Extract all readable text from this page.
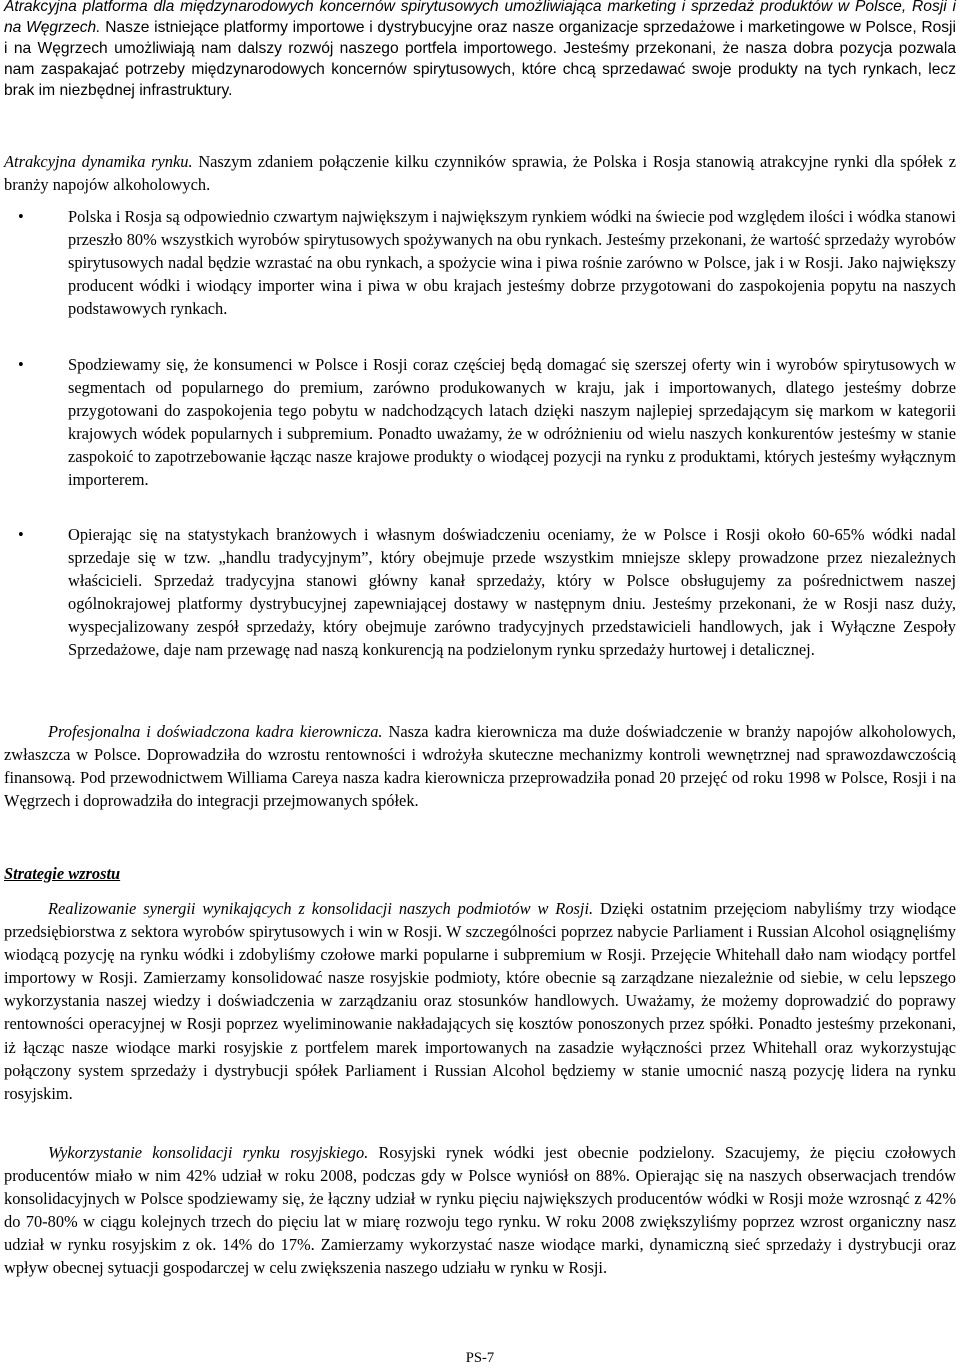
Atrakcyjna platforma dla międzynarodowych koncernów spirytusowych umożliwiająca marketing i sprzedaż produktów w Polsce, Rosji i na Węgrzech. Nasze istniejące platformy importowe i dystrybucyjne oraz nasze organizacje sprzedażowe i marketingowe w Polsce, Rosji i na Węgrzech umożliwiają nam dalszy rozwój naszego portfela importowego. Jesteśmy przekonani, że nasza dobra pozycja pozwala nam zaspakajać potrzeby międzynarodowych koncernów spirytusowych, które chcą sprzedawać swoje produkty na tych rynkach, lecz brak im niezbędnej infrastruktury.

Atrakcyjna dynamika rynku. Naszym zdaniem połączenie kilku czynników sprawia, że Polska i Rosja stanowią atrakcyjne rynki dla spółek z branży napojów alkoholowych.

•	Polska i Rosja są odpowiednio czwartym największym i największym rynkiem wódki na świecie pod względem ilości i wódka stanowi przeszło 80% wszystkich wyrobów spirytusowych spożywanych na obu rynkach. Jesteśmy przekonani, że wartość sprzedaży wyrobów spirytusowych nadal będzie wzrastać na obu rynkach, a spożycie wina i piwa rośnie zarówno w Polsce, jak i w Rosji. Jako największy producent wódki i wiodący importer wina i piwa w obu krajach jesteśmy dobrze przygotowani do zaspokojenia popytu na naszych podstawowych rynkach.

•	Spodziewamy się, że konsumenci w Polsce i Rosji coraz częściej będą domagać się szerszej oferty win i wyrobów spirytusowych w segmentach od popularnego do premium, zarówno produkowanych w kraju, jak i importowanych, dlatego jesteśmy dobrze przygotowani do zaspokojenia tego pobytu w nadchodzących latach dzięki naszym najlepiej sprzedającym się markom w kategorii krajowych wódek popularnych i subpremium. Ponadto uważamy, że w odróżnieniu od wielu naszych konkurentów jesteśmy w stanie zaspokoić to zapotrzebowanie łącząc nasze krajowe produkty o wiodącej pozycji na rynku z produktami, których jesteśmy wyłącznym importerem.

•	Opierając się na statystykach branżowych i własnym doświadczeniu oceniamy, że w Polsce i Rosji około 60-65% wódki nadal sprzedaje się w tzw. „handlu tradycyjnym”, który obejmuje przede wszystkim mniejsze sklepy prowadzone przez niezależnych właścicieli. Sprzedaż tradycyjna stanowi główny kanał sprzedaży, który w Polsce obsługujemy za pośrednictwem naszej ogólnokrajowej platformy dystrybucyjnej zapewniającej dostawy w następnym dniu. Jesteśmy przekonani, że w Rosji nasz duży, wyspecjalizowany zespół sprzedaży, który obejmuje zarówno tradycyjnych przedstawicieli handlowych, jak i Wyłączne Zespoły Sprzedażowe, daje nam przewagę nad naszą konkurencją na podzielonym rynku sprzedaży hurtowej i detalicznej.

Profesjonalna i doświadczona kadra kierownicza. Nasza kadra kierownicza ma duże doświadczenie w branży napojów alkoholowych, zwłaszcza w Polsce. Doprowadziła do wzrostu rentowności i wdrożyła skuteczne mechanizmy kontroli wewnętrznej nad sprawozdawczością finansową. Pod przewodnictwem Williama Careya nasza kadra kierownicza przeprowadziła ponad 20 przejęć od roku 1998 w Polsce, Rosji i na Węgrzech i doprowadziła do integracji przejmowanych spółek.

Strategie wzrostu

Realizowanie synergii wynikających z konsolidacji naszych podmiotów w Rosji. Dzięki ostatnim przejęciom nabyliśmy trzy wiodące przedsiębiorstwa z sektora wyrobów spirytusowych i win w Rosji. W szczególności poprzez nabycie Parliament i Russian Alcohol osiągnęliśmy wiodącą pozycję na rynku wódki i zdobyliśmy czołowe marki popularne i subpremium w Rosji. Przejęcie Whitehall dało nam wiodący portfel importowy w Rosji. Zamierzamy konsolidować nasze rosyjskie podmioty, które obecnie są zarządzane niezależnie od siebie, w celu lepszego wykorzystania naszej wiedzy i doświadczenia w zarządzaniu oraz stosunków handlowych. Uważamy, że możemy doprowadzić do poprawy rentowności operacyjnej w Rosji poprzez wyeliminowanie nakładających się kosztów ponoszonych przez spółki. Ponadto jesteśmy przekonani, iż łącząc nasze wiodące marki rosyjskie z portfelem marek importowanych na zasadzie wyłączności przez Whitehall oraz wykorzystując połączony system sprzedaży i dystrybucji spółek Parliament i Russian Alcohol będziemy w stanie umocnić naszą pozycję lidera na rynku rosyjskim.

Wykorzystanie konsolidacji rynku rosyjskiego. Rosyjski rynek wódki jest obecnie podzielony. Szacujemy, że pięciu czołowych producentów miało w nim 42% udział w roku 2008, podczas gdy w Polsce wyniósł on 88%. Opierając się na naszych obserwacjach trendów konsolidacyjnych w Polsce spodziewamy się, że łączny udział w rynku pięciu największych producentów wódki w Rosji może wzrosnąć z 42% do 70-80% w ciągu kolejnych trzech do pięciu lat w miarę rozwoju tego rynku. W roku 2008 zwiększyliśmy poprzez wzrost organiczny nasz udział w rynku rosyjskim z ok. 14% do 17%. Zamierzamy wykorzystać nasze wiodące marki, dynamiczną sieć sprzedaży i dystrybucji oraz wpływ obecnej sytuacji gospodarczej w celu zwiększenia naszego udziału w rynku w Rosji.

PS-7
